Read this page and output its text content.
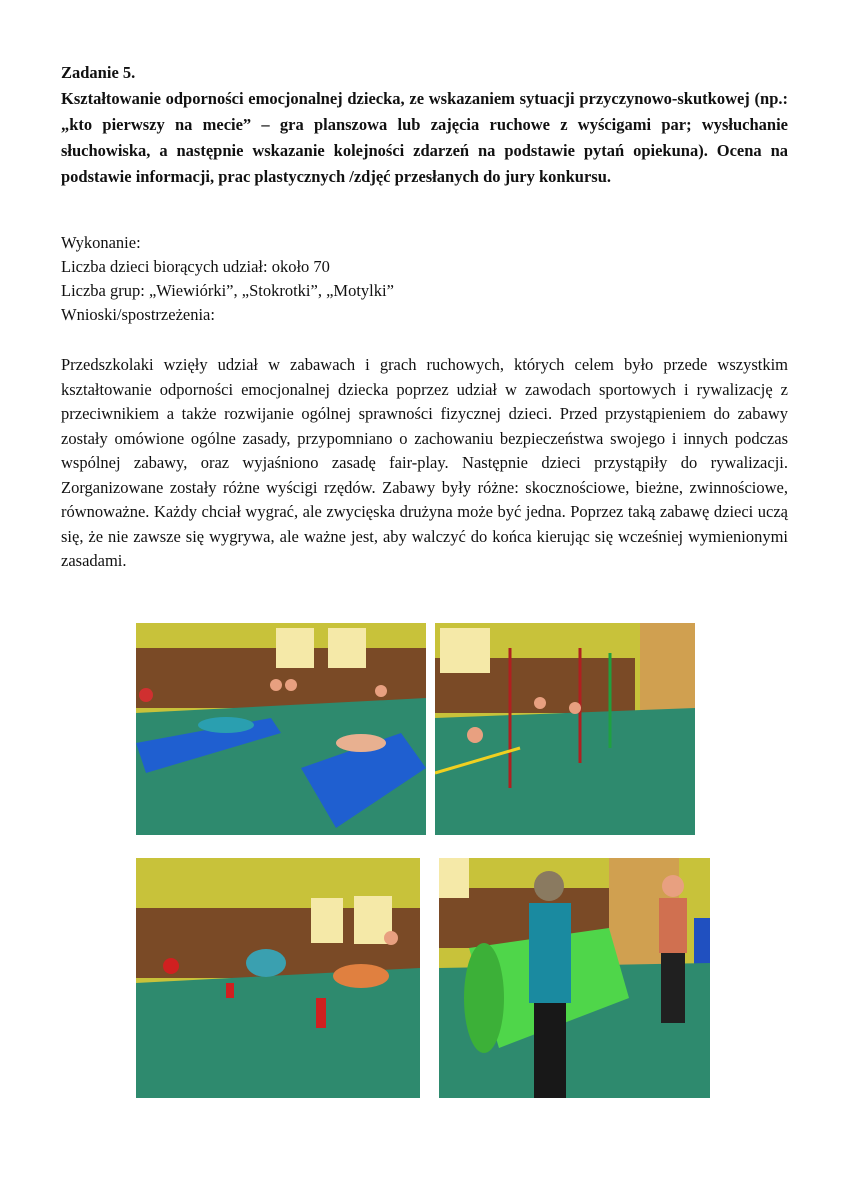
Zadanie 5.

Kształtowanie odporności emocjonalnej dziecka, ze wskazaniem sytuacji przyczynowo-skutkowej (np.: „kto pierwszy na mecie” – gra planszowa lub zajęcia ruchowe z wyścigami par; wysłuchanie słuchowiska, a następnie wskazanie kolejności zdarzeń na podstawie pytań opiekuna). Ocena na podstawie informacji, prac plastycznych /zdjęć przesłanych do jury konkursu.

Wykonanie:
Liczba dzieci biorących udział: około 70
Liczba grup: „Wiewiórki”, „Stokrotki”, „Motylki”
Wnioski/spostrzeżenia:

Przedszkolaki wzięły udział w zabawach i grach ruchowych, których celem było przede wszystkim kształtowanie odporności emocjonalnej dziecka poprzez udział w zawodach sportowych i rywalizację z przeciwnikiem a także rozwijanie ogólnej sprawności fizycznej dzieci. Przed przystąpieniem do zabawy zostały omówione ogólne zasady, przypomniano o zachowaniu bezpieczeństwa swojego i innych podczas wspólnej zabawy, oraz wyjaśniono zasadę fair-play. Następnie dzieci przystąpiły do rywalizacji. Zorganizowane zostały różne wyścigi rzędów. Zabawy były różne: skocznościowe, bieżne, zwinnościowe, równoważne. Każdy chciał wygrać, ale zwycięska drużyna może być jedna. Poprzez taką zabawę dzieci uczą się, że nie zawsze się wygrywa, ale ważne jest, aby walczyć do końca kierując się wcześniej wymienionymi zasadami.
